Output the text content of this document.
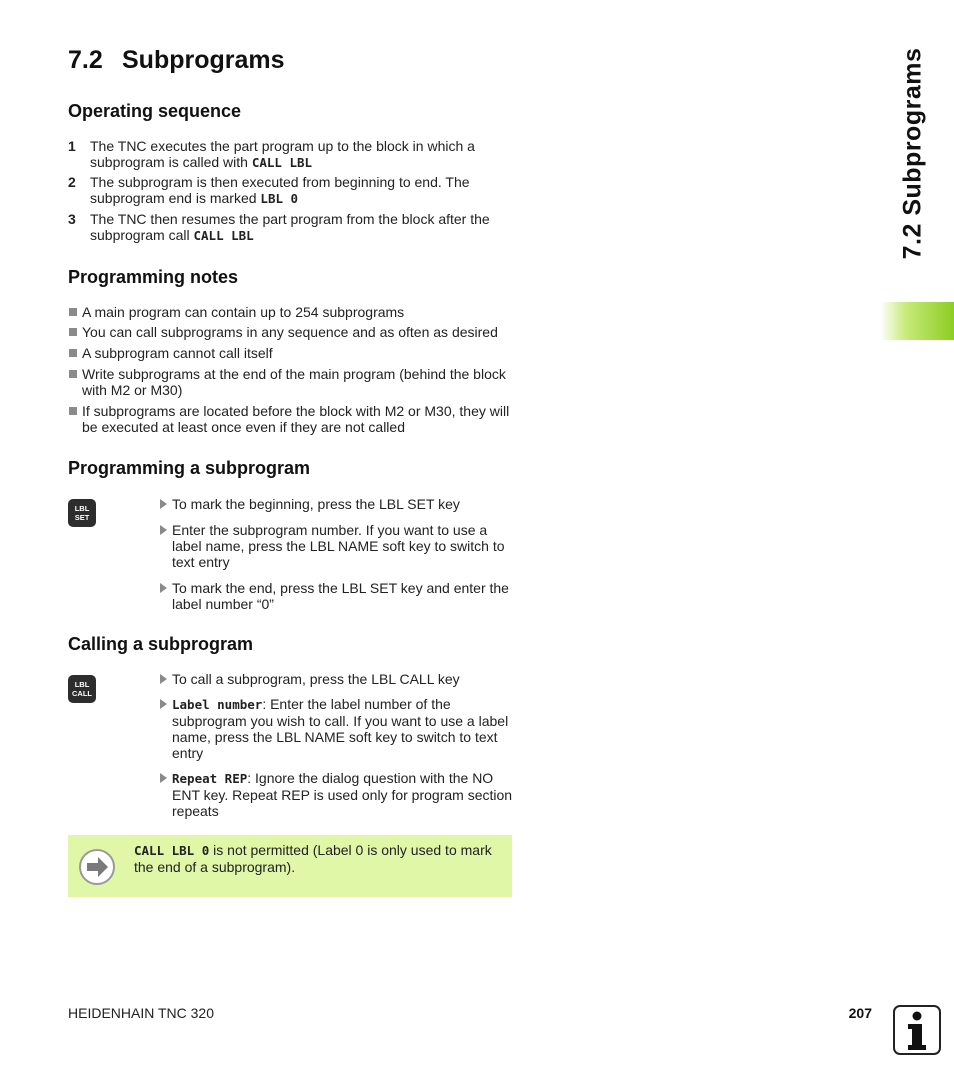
7.2 Subprograms	7.2 Subprograms
Operating sequence
1 The TNC executes the part program up to the block in which a subprogram is called with CALL LBL
2 The subprogram is then executed from beginning to end. The subprogram end is marked LBL 0
3 The TNC then resumes the part program from the block after the subprogram call CALL LBL
Programming notes
A main program can contain up to 254 subprograms
You can call subprograms in any sequence and as often as desired
A subprogram cannot call itself
Write subprograms at the end of the main program (behind the block with M2 or M30)
If subprograms are located before the block with M2 or M30, they will be executed at least once even if they are not called
Programming a subprogram
LBL
SET
To mark the beginning, press the LBL SET key
Enter the subprogram number. If you want to use a label name, press the LBL NAME soft key to switch to text entry
To mark the end, press the LBL SET key and enter the label number “0”
Calling a subprogram
LBL
CALL
To call a subprogram, press the LBL CALL key
Label number: Enter the label number of the subprogram you wish to call. If you want to use a label name, press the LBL NAME soft key to switch to text entry
Repeat REP: Ignore the dialog question with the NO ENT key. Repeat REP is used only for program section repeats
CALL LBL 0 is not permitted (Label 0 is only used to mark the end of a subprogram).
HEIDENHAIN TNC 320	207
